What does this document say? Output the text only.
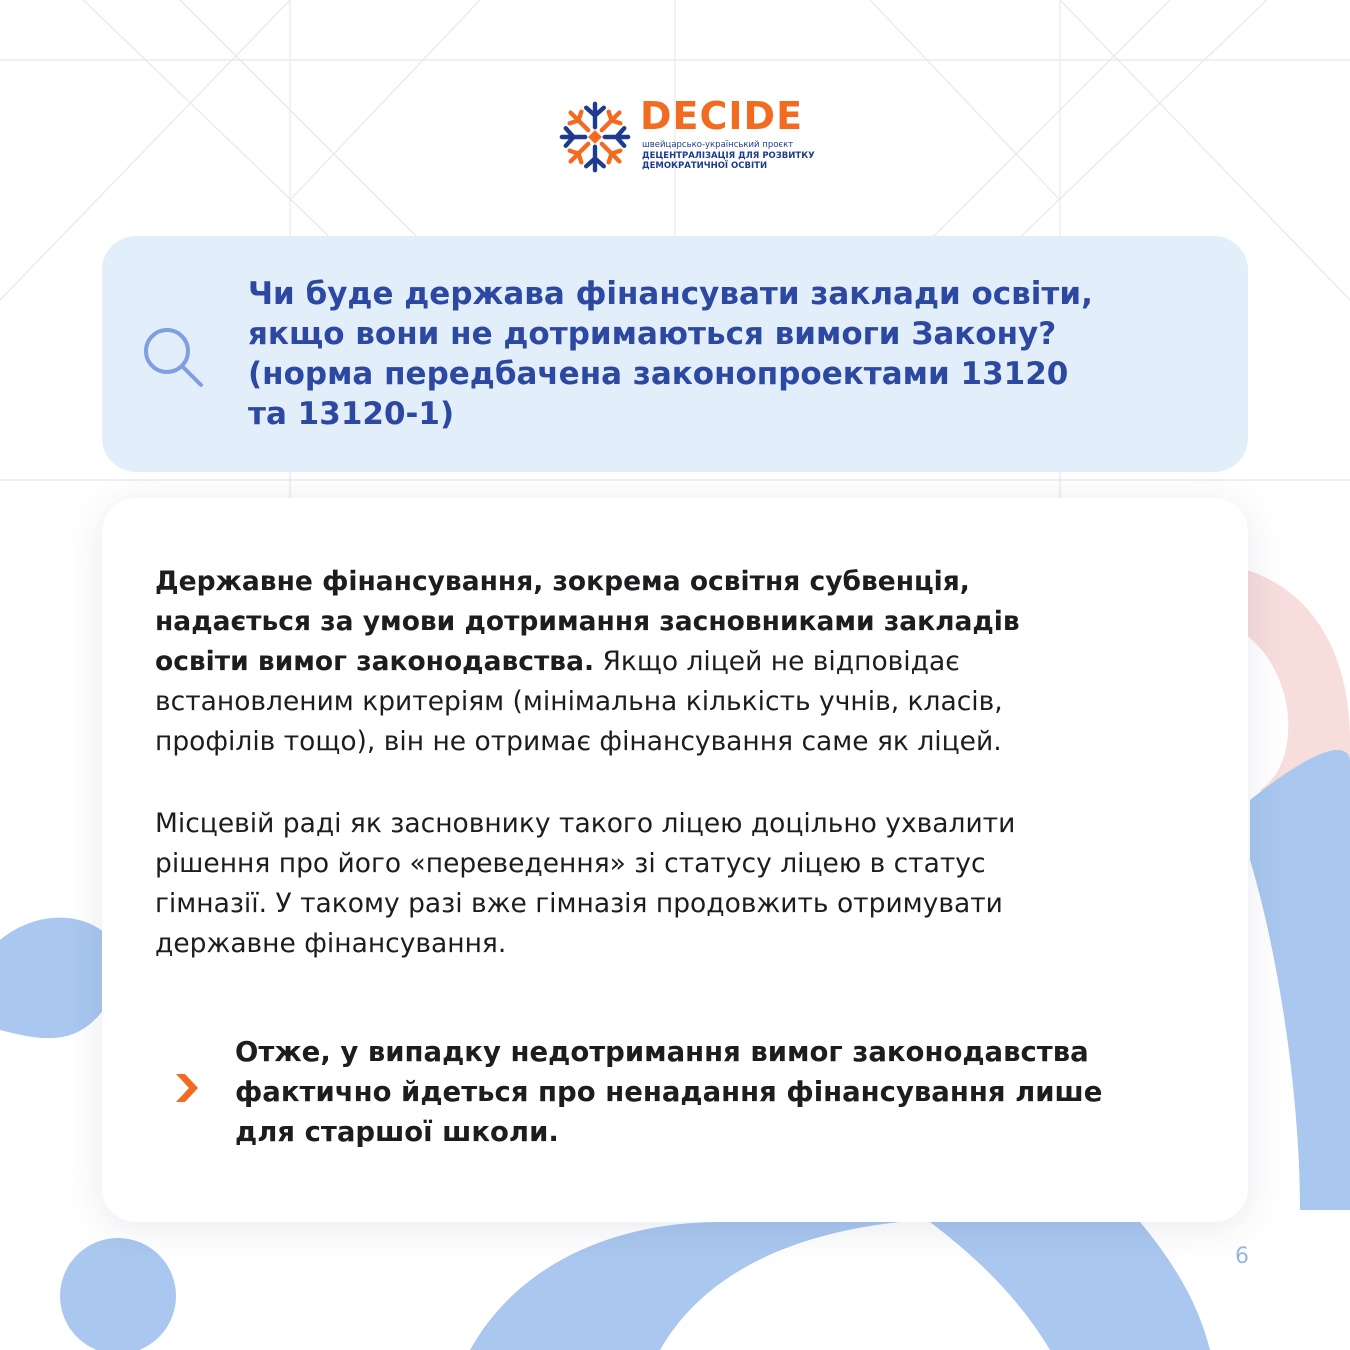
DECIDE
швейцарсько-український проєкт
ДЕЦЕНТРАЛІЗАЦІЯ ДЛЯ РОЗВИТКУ
ДЕМОКРАТИЧНОЇ ОСВІТИ
Чи буде держава фінансувати заклади освіти,
якщо вони не дотримаються вимоги Закону?
(норма передбачена законопроектами 13120
та 13120-1)

Державне фінансування, зокрема освітня субвенція,
надається за умови дотримання засновниками закладів
освіти вимог законодавства. Якщо ліцей не відповідає
встановленим критеріям (мінімальна кількість учнів, класів,
профілів тощо), він не отримає фінансування саме як ліцей.

Місцевій раді як засновнику такого ліцею доцільно ухвалити
рішення про його «переведення» зі статусу ліцею в статус
гімназії. У такому разі вже гімназія продовжить отримувати
державне фінансування.

Отже, у випадку недотримання вимог законодавства
фактично йдеться про ненадання фінансування лише
для старшої школи.

6
